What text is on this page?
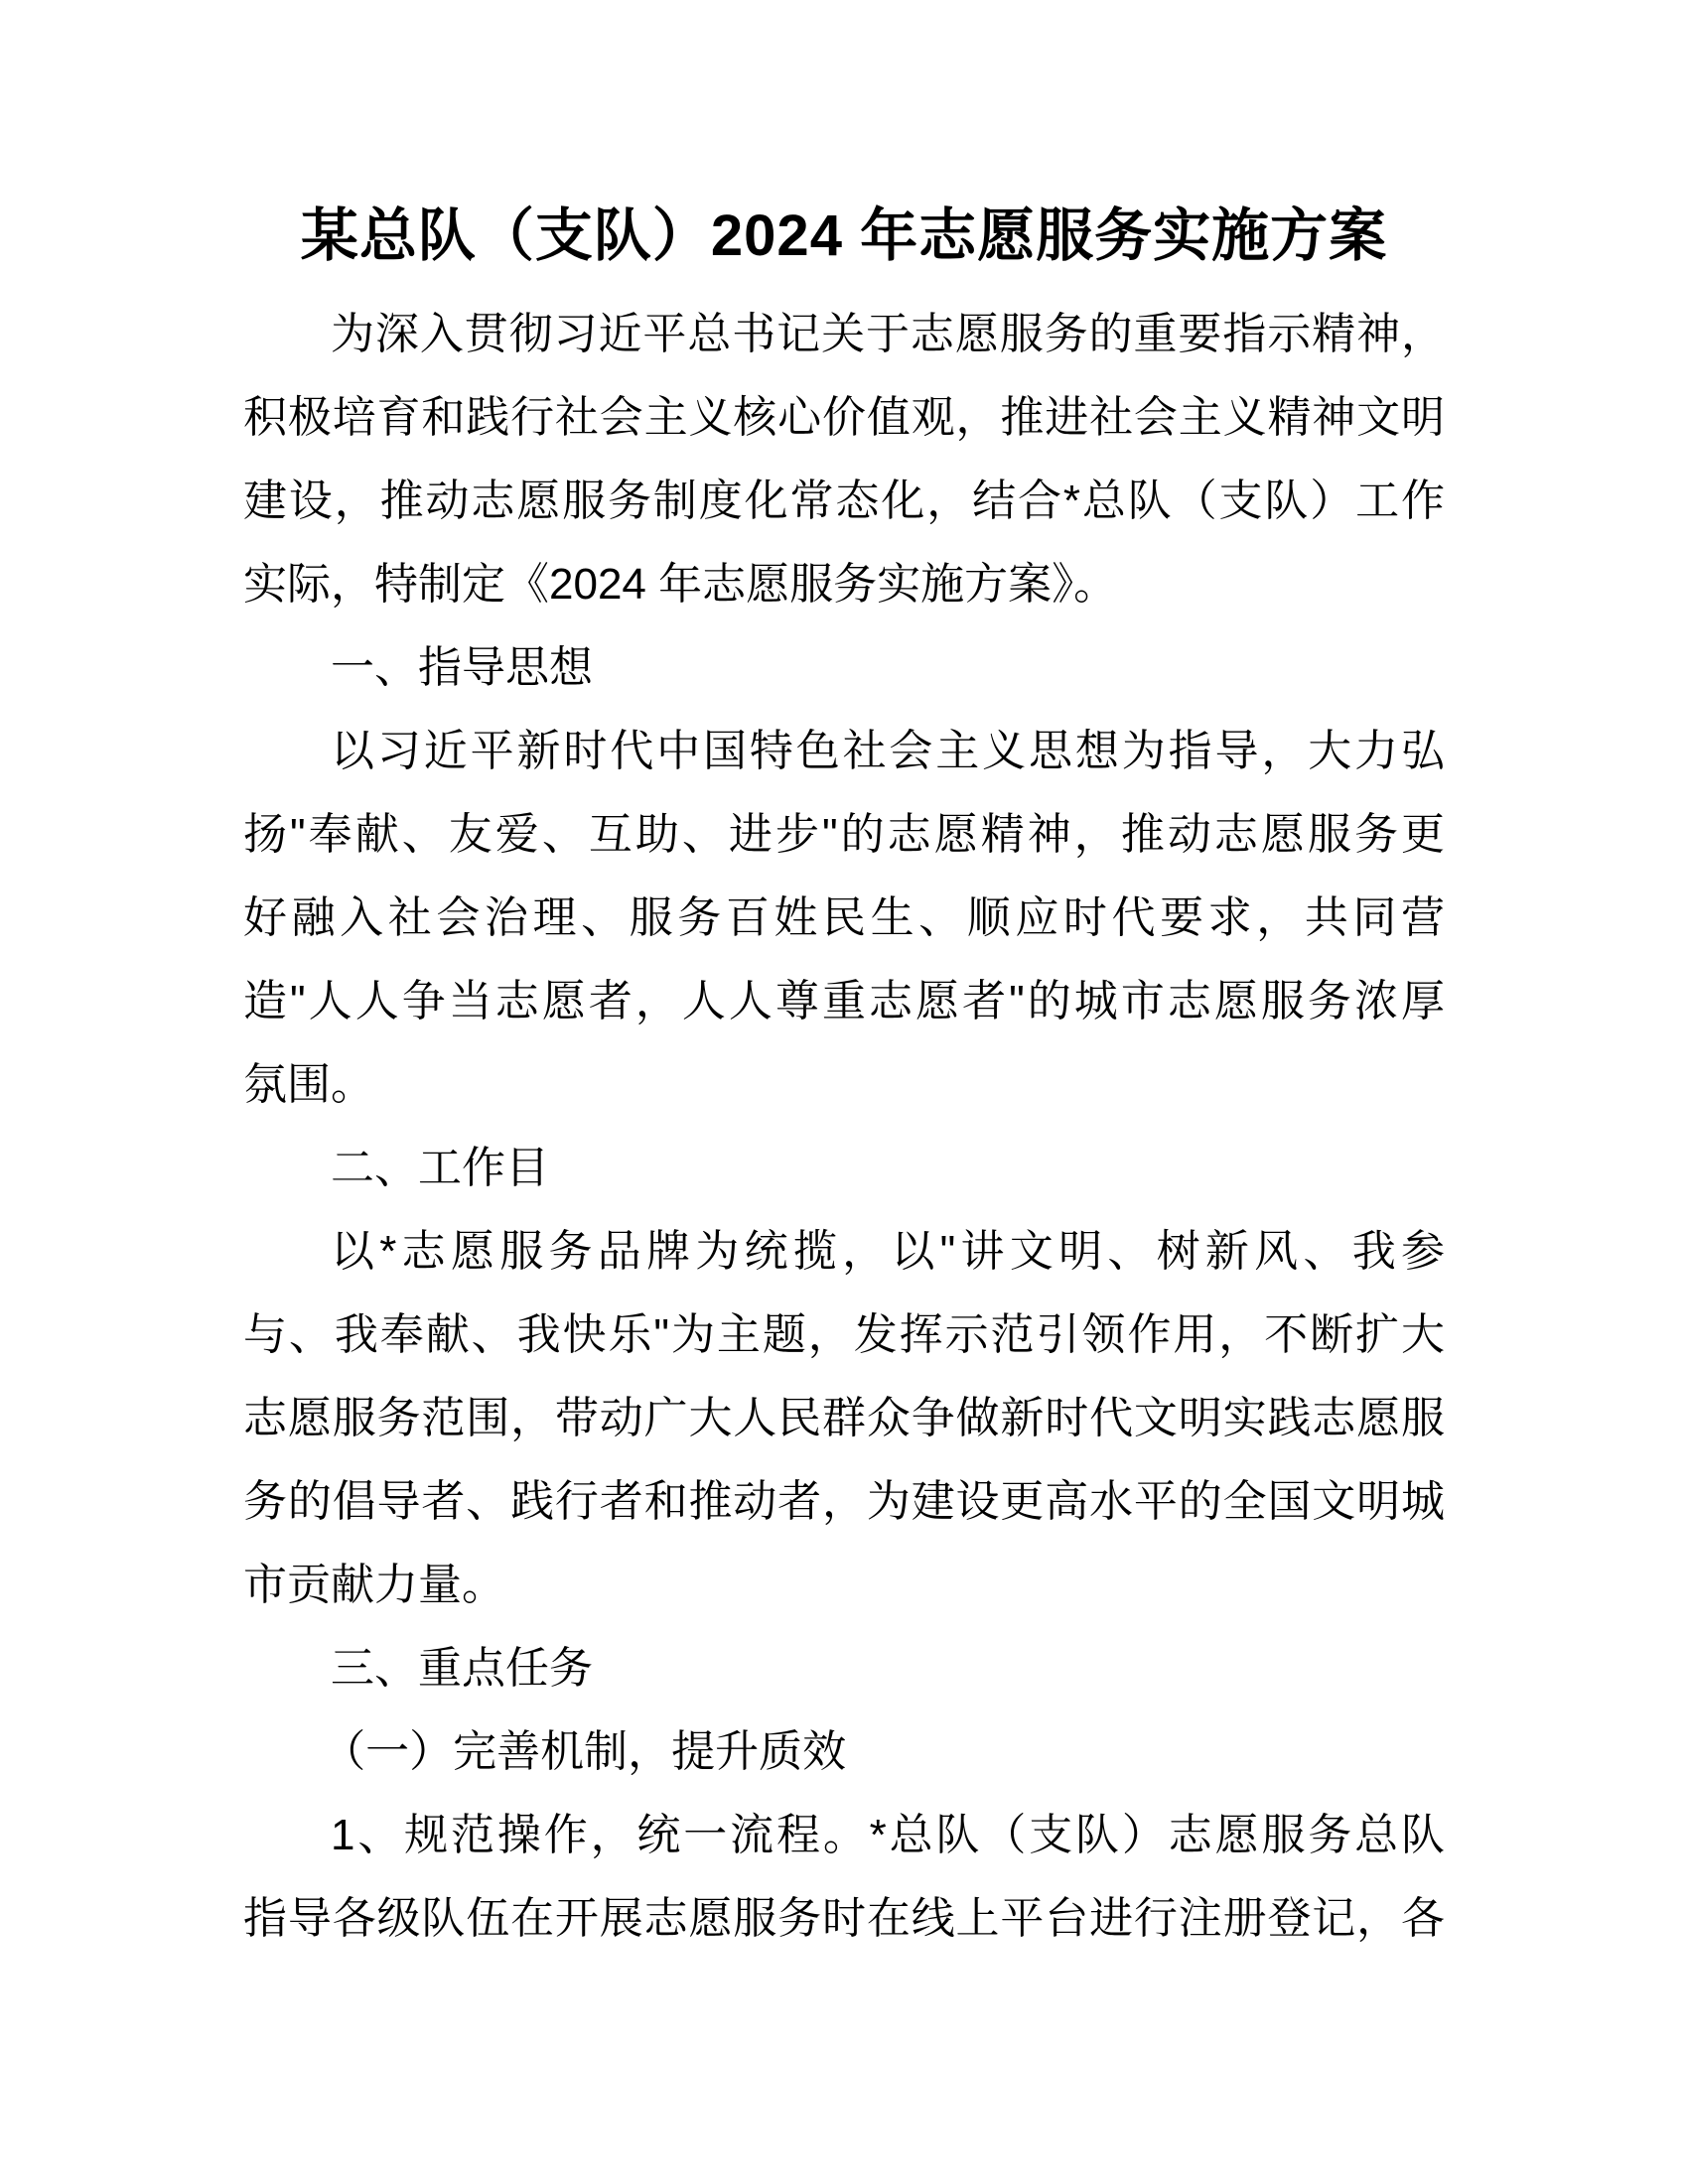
某总队（支队）2024 年志愿服务实施方案
为深入贯彻习近平总书记关于志愿服务的重要指示精神，
积极培育和践行社会主义核心价值观，推进社会主义精神文明
建设，推动志愿服务制度化常态化，结合*总队（支队）工作
实际，特制定《2024 年志愿服务实施方案》。
一、指导思想
以习近平新时代中国特色社会主义思想为指导，大力弘
扬"奉献、友爱、互助、进步"的志愿精神，推动志愿服务更
好融入社会治理、服务百姓民生、顺应时代要求，共同营
造"人人争当志愿者，人人尊重志愿者"的城市志愿服务浓厚
氛围。
二、工作目
以*志愿服务品牌为统揽，以"讲文明、树新风、我参
与、我奉献、我快乐"为主题，发挥示范引领作用，不断扩大
志愿服务范围，带动广大人民群众争做新时代文明实践志愿服
务的倡导者、践行者和推动者，为建设更高水平的全国文明城
市贡献力量。
三、重点任务
（一）完善机制，提升质效
1、规范操作，统一流程。*总队（支队）志愿服务总队
指导各级队伍在开展志愿服务时在线上平台进行注册登记，各
